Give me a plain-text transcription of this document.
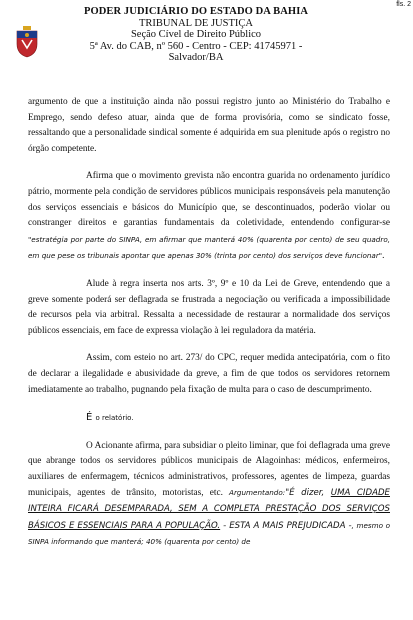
fls. 2
PODER JUDICIÁRIO DO ESTADO DA BAHIA
TRIBUNAL DE JUSTIÇA
Seção Cível de Direito Público
5ª Av. do CAB, nº 560 - Centro - CEP: 41745971 -
Salvador/BA

argumento de que a instituição ainda não possui registro junto ao Ministério do Trabalho e Emprego, sendo defeso atuar, ainda que de forma provisória, como se sindicato fosse, ressaltando que a personalidade sindical somente é adquirida em sua plenitude após o registro no órgão competente.

Afirma que o movimento grevista não encontra guarida no ordenamento jurídico pátrio, mormente pela condição de servidores públicos municipais responsáveis pela manutenção dos serviços essenciais e básicos do Município que, se descontinuados, poderão violar ou constranger direitos e garantias fundamentais da coletividade, entendendo configurar-se "estratégia por parte do SINPA, em afirmar que manterá 40% (quarenta por cento) de seu quadro, em que pese os tribunais apontar que apenas 30% (trinta por cento) dos serviços deve funcionar".

Alude à regra inserta nos arts. 3º, 9º e 10 da Lei de Greve, entendendo que a greve somente poderá ser deflagrada se frustrada a negociação ou verificada a impossibilidade de recursos pela via arbitral. Ressalta a necessidade de restaurar a normalidade dos serviços públicos essenciais, em face de expressa violação à lei reguladora da matéria.

Assim, com esteio no art. 273/ do CPC, requer medida antecipatória, com o fito de declarar a ilegalidade e abusividade da greve, a fim de que todos os servidores retornem imediatamente ao trabalho, pugnando pela fixação de multa para o caso de descumprimento.

É o relatório.

O Acionante afirma, para subsidiar o pleito liminar, que foi deflagrada uma greve que abrange todos os servidores públicos municipais de Alagoinhas: médicos, enfermeiros, auxiliares de enfermagem, técnicos administrativos, professores, agentes de limpeza, guardas municipais, agentes de trânsito, motoristas, etc. Argumentando:"É dizer, UMA CIDADE INTEIRA FICARÁ DESEMPARADA, SEM A COMPLETA PRESTAÇÃO DOS SERVIÇOS BÁSICOS E ESSENCIAIS PARA A POPULAÇÃO. - ESTA A MAIS PREJUDICADA -, mesmo o SINPA informando que manterá; 40% (quarenta por cento) de
